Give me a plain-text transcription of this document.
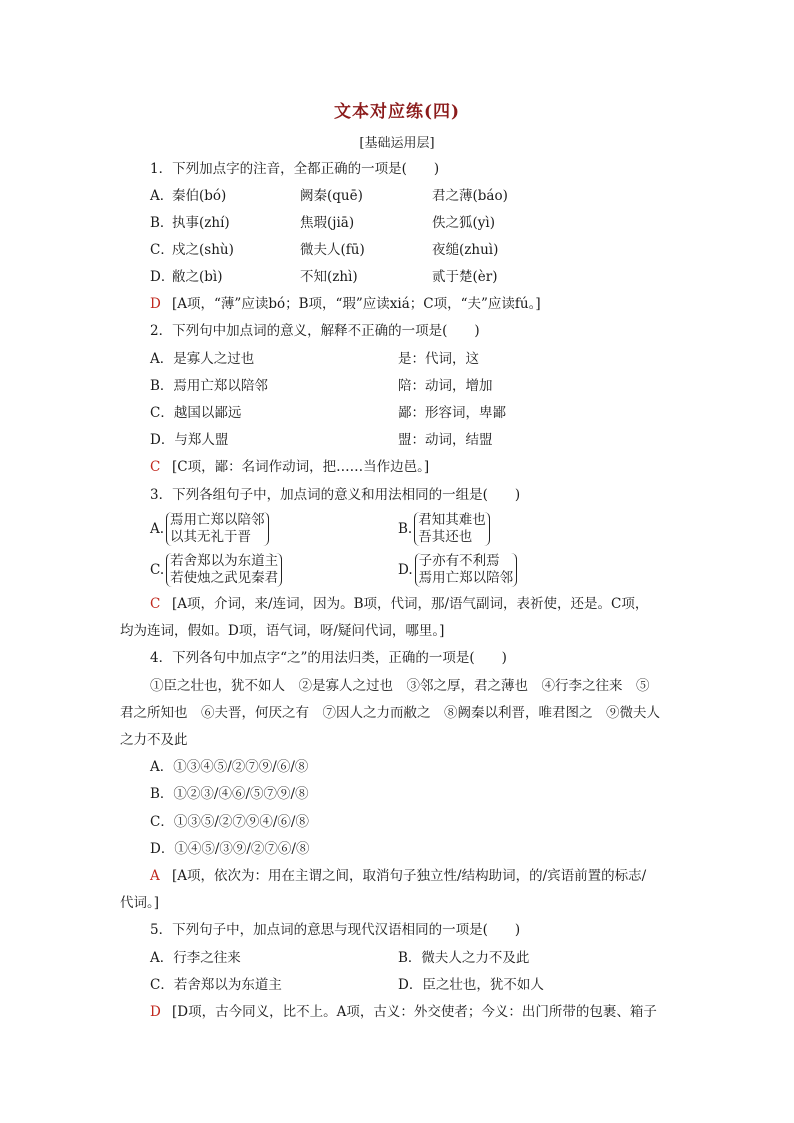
文本对应练(四)
[基础运用层]
1．下列加点字的注音，全都正确的一项是(　　)
A．
秦伯(bó)	阙秦(quē)	君之薄(báo)
B．
执事(zhí)	焦瑕(jiā)	佚之狐(yì)
C．
戍之(shù)	微夫人(fū)	夜缒(zhuì)
D．
敝之(bì)	不知(zhì)	贰于楚(èr)
D [A项，“薄”应读bó；B项，“瑕”应读xiá；C项，“夫”应读fú。]
2．下列句中加点词的意义，解释不正确的一项是(　　)
A．是寡人之过也	是：代词，这
B．焉用亡郑以陪邻	陪：动词，增加
C．越国以鄙远	鄙：形容词，卑鄙
D．与郑人盟	盟：动词，结盟
C [C项，鄙：名词作动词，把……当作边邑。]
3．下列各组句子中，加点词的意义和用法相同的一组是(　　)
A.
焉用亡郑以陪邻
以其无礼于晋	B.
君知其难也
吾其还也
C.
若舍郑以为东道主
若使烛之武见秦君	D.
子亦有不利焉
焉用亡郑以陪邻
C [A项，介词，来/连词，因为。B项，代词，那/语气副词，表祈使，还是。C项，
均为连词，假如。D项，语气词，呀/疑问代词，哪里。]
4．下列各句中加点字“之”的用法归类，正确的一项是(　　)
①臣之壮也，犹不如人　②是寡人之过也　③邻之厚，君之薄也　④行李之往来　⑤
君之所知也　⑥夫晋，何厌之有　⑦因人之力而敝之　⑧阙秦以利晋，唯君图之　⑨微夫人
之力不及此
A．①③④⑤/②⑦⑨/⑥/⑧
B．①②③/④⑥/⑤⑦⑨/⑧
C．①③⑤/②⑦⑨④/⑥/⑧
D．①④⑤/③⑨/②⑦⑥/⑧
A [A项，依次为：用在主谓之间，取消句子独立性/结构助词，的/宾语前置的标志/
代词。]
5．下列句子中，加点词的意思与现代汉语相同的一项是(　　)
A．行李之往来	B．微夫人之力不及此
C．若舍郑以为东道主	D．臣之壮也，犹不如人
D [D项，古今同义，比不上。A项，古义：外交使者；今义：出门所带的包裹、箱子
